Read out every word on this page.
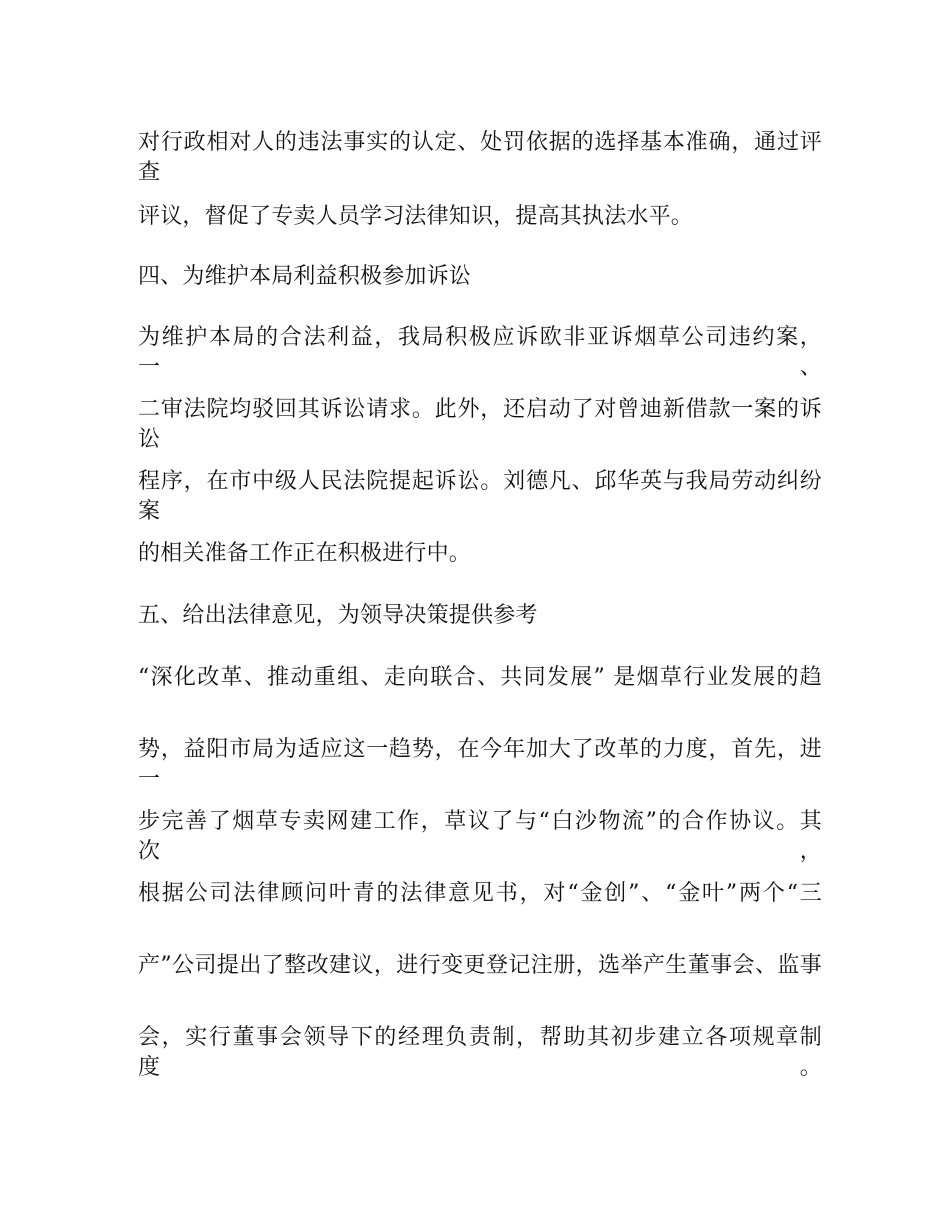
对行政相对人的违法事实的认定、处罚依据的选择基本准确，通过评查

评议，督促了专卖人员学习法律知识，提高其执法水平。

四、为维护本局利益积极参加诉讼

为维护本局的合法利益，我局积极应诉欧非亚诉烟草公司违约案，一、

二审法院均驳回其诉讼请求。此外，还启动了对曾迪新借款一案的诉讼

程序，在市中级人民法院提起诉讼。刘德凡、邱华英与我局劳动纠纷案

的相关准备工作正在积极进行中。

五、给出法律意见，为领导决策提供参考

“深化改革、推动重组、走向联合、共同发展” 是烟草行业发展的趋

势，益阳市局为适应这一趋势，在今年加大了改革的力度，首先，进一

步完善了烟草专卖网建工作，草议了与“白沙物流”的合作协议。其次，

根据公司法律顾问叶青的法律意见书，对“金创”、“金叶”两个“三

产”公司提出了整改建议，进行变更登记注册，选举产生董事会、监事

会，实行董事会领导下的经理负责制，帮助其初步建立各项规章制度。
